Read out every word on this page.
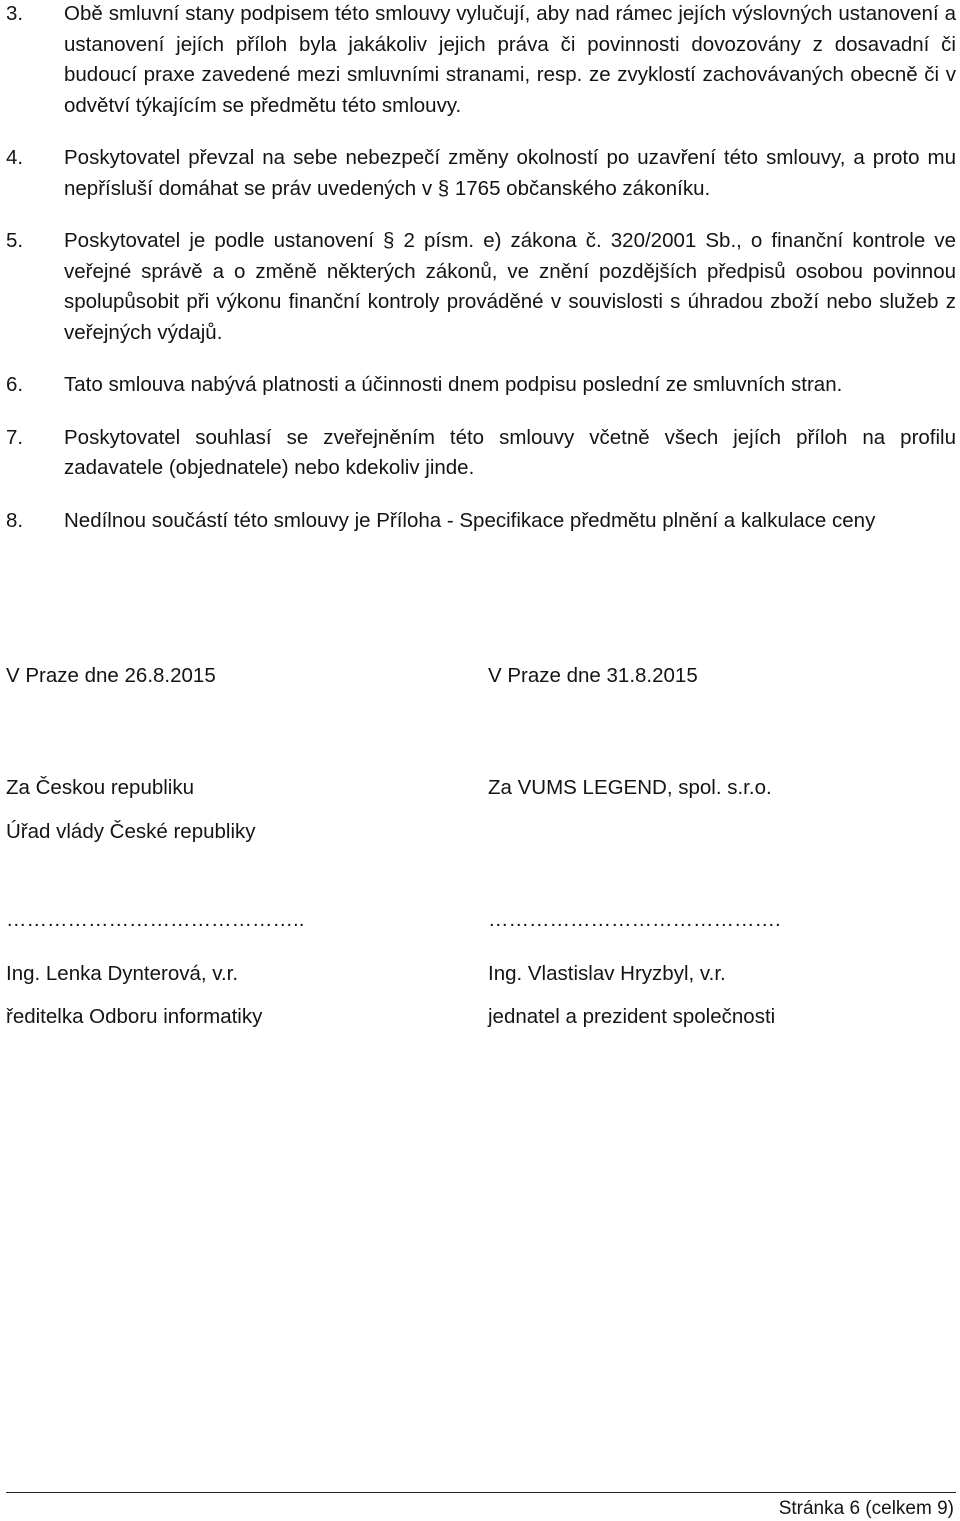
3. Obě smluvní stany podpisem této smlouvy vylučují, aby nad rámec jejích výslovných ustanovení a ustanovení jejích příloh byla jakákoliv jejich práva či povinnosti dovozovány z dosavadní či budoucí praxe zavedené mezi smluvními stranami, resp. ze zvyklostí zachovávaných obecně či v odvětví týkajícím se předmětu této smlouvy.
4. Poskytovatel převzal na sebe nebezpečí změny okolností po uzavření této smlouvy, a proto mu nepřísluší domáhat se práv uvedených v § 1765 občanského zákoníku.
5. Poskytovatel je podle ustanovení § 2 písm. e) zákona č. 320/2001 Sb., o finanční kontrole ve veřejné správě a o změně některých zákonů, ve znění pozdějších předpisů osobou povinnou spolupůsobit při výkonu finanční kontroly prováděné v souvislosti s úhradou zboží nebo služeb z veřejných výdajů.
6. Tato smlouva nabývá platnosti a účinnosti dnem podpisu poslední ze smluvních stran.
7. Poskytovatel souhlasí se zveřejněním této smlouvy včetně všech jejích příloh na profilu zadavatele (objednatele) nebo kdekoliv jinde.
8. Nedílnou součástí této smlouvy je Příloha - Specifikace předmětu plnění a kalkulace ceny
V Praze dne 26.8.2015	V Praze dne 31.8.2015
Za Českou republiku	Za VUMS LEGEND, spol. s.r.o.
Úřad vlády České republiky
……………………………………..	…………………………………….
Ing. Lenka Dynterová, v.r.	Ing. Vlastislav Hryzbyl, v.r.
ředitelka Odboru informatiky	jednatel a prezident společnosti
Stránka 6 (celkem 9)
